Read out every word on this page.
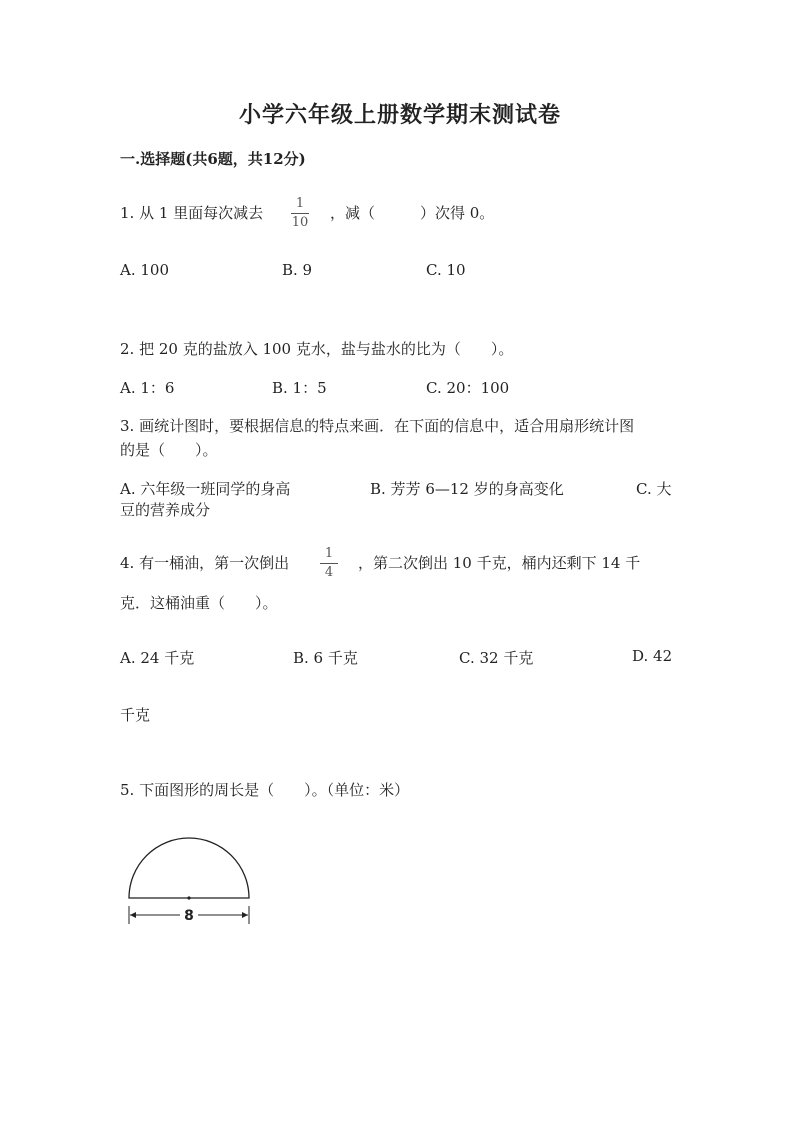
小学六年级上册数学期末测试卷
一.选择题(共6题，共12分)
1. 从 1 里面每次减去
1
10
，减（　　　）次得 0。
A. 100	B. 9	C. 10
2. 把 20 克的盐放入 100 克水，盐与盐水的比为（　　）。
A. 1：6	B. 1：5	C. 20：100
3. 画统计图时，要根据信息的特点来画．在下面的信息中，适合用扇形统计图
的是（　　）。
A. 六年级一班同学的身高	B. 芳芳 6—12 岁的身高变化	C. 大
豆的营养成分
4. 有一桶油，第一次倒出
1
4
，第二次倒出 10 千克，桶内还剩下 14 千
克．这桶油重（　　）。
A. 24 千克	B. 6 千克	C. 32 千克	D. 42
千克
5. 下面图形的周长是（　　）。（单位：米）
8
